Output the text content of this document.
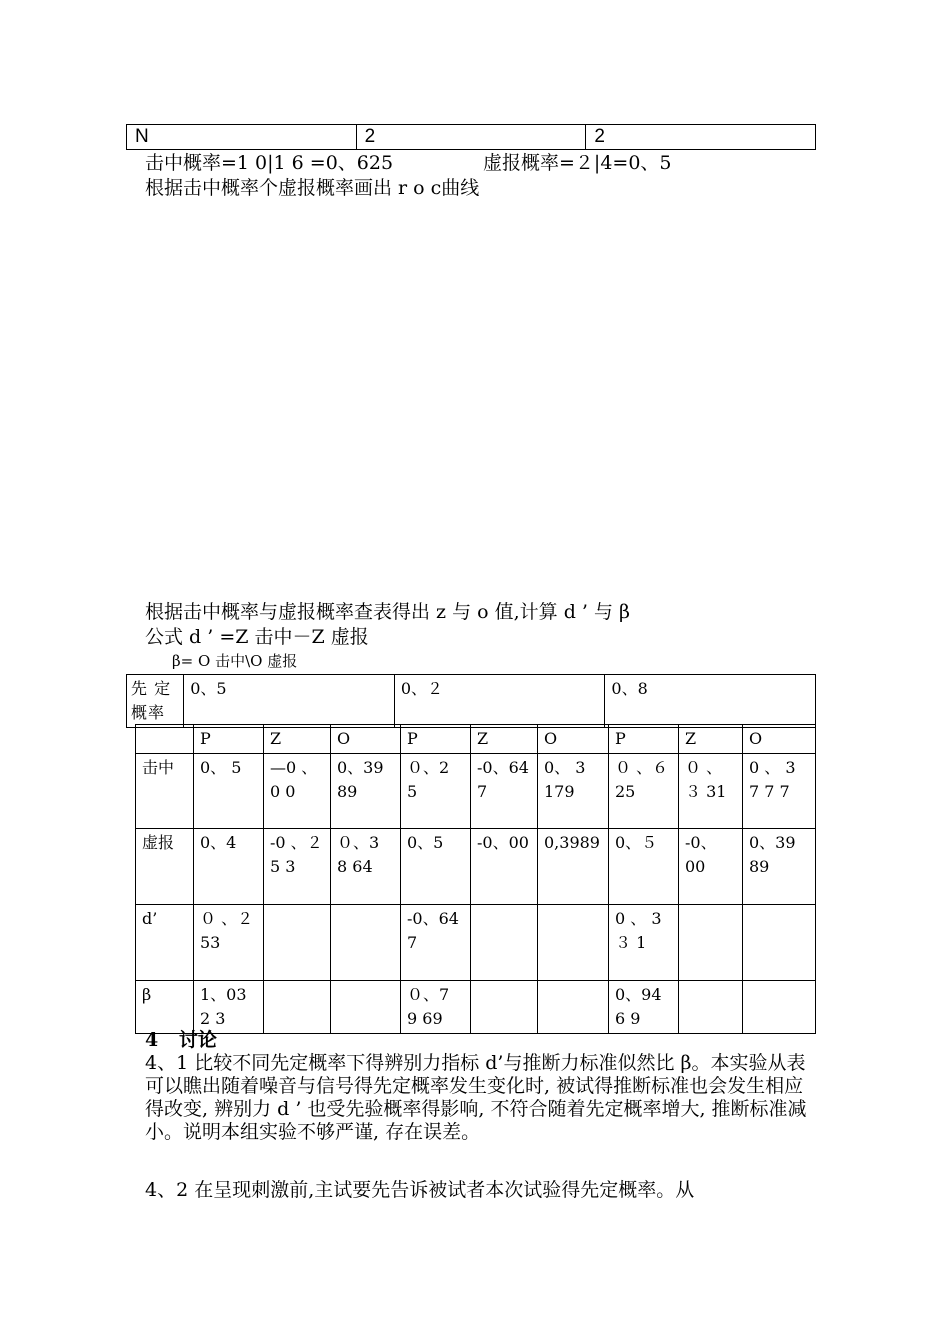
N	2	2
击中概率=1 0|1 6 =0、625	虚报概率=２|4=0、5
根据击中概率个虚报概率画出 r o c曲线
根据击中概率与虚报概率查表得出 z 与 o 值,计算 d ’ 与 β
公式 d ’ =Z 击中－Z 虚报
β= O 击中\O 虚报
先 定概率	0、5	0、２	0、8
	P	Z	O	P	Z	O	P	Z	O
击中	0、 5	—0 、 0 0	0、39 89	０、2 5	-0、64 7	0、 3 179	０ 、６ 25	０ 、３ 31	0 、 3 7 7 7
虚报	0、4	-0 、２ 5 3	０、3 8 64	0、5	-0、00	0,3989	0、５	-0、00	0、39 89
d’	０ 、２ 53			-0、64 7			0 、 3 ３ 1		
β	1、03 2 3			０、7 9 69			0、94 6 9		
4 讨论
4、1 比较不同先定概率下得辨别力指标 d’与推断力标准似然比 β。本实验从表可以瞧出随着噪音与信号得先定概率发生变化时, 被试得推断标准也会发生相应得改变, 辨别力 d ’ 也受先验概率得影响, 不符合随着先定概率增大, 推断标准减小。说明本组实验不够严谨, 存在误差。
4、2 在呈现刺激前,主试要先告诉被试者本次试验得先定概率。从
